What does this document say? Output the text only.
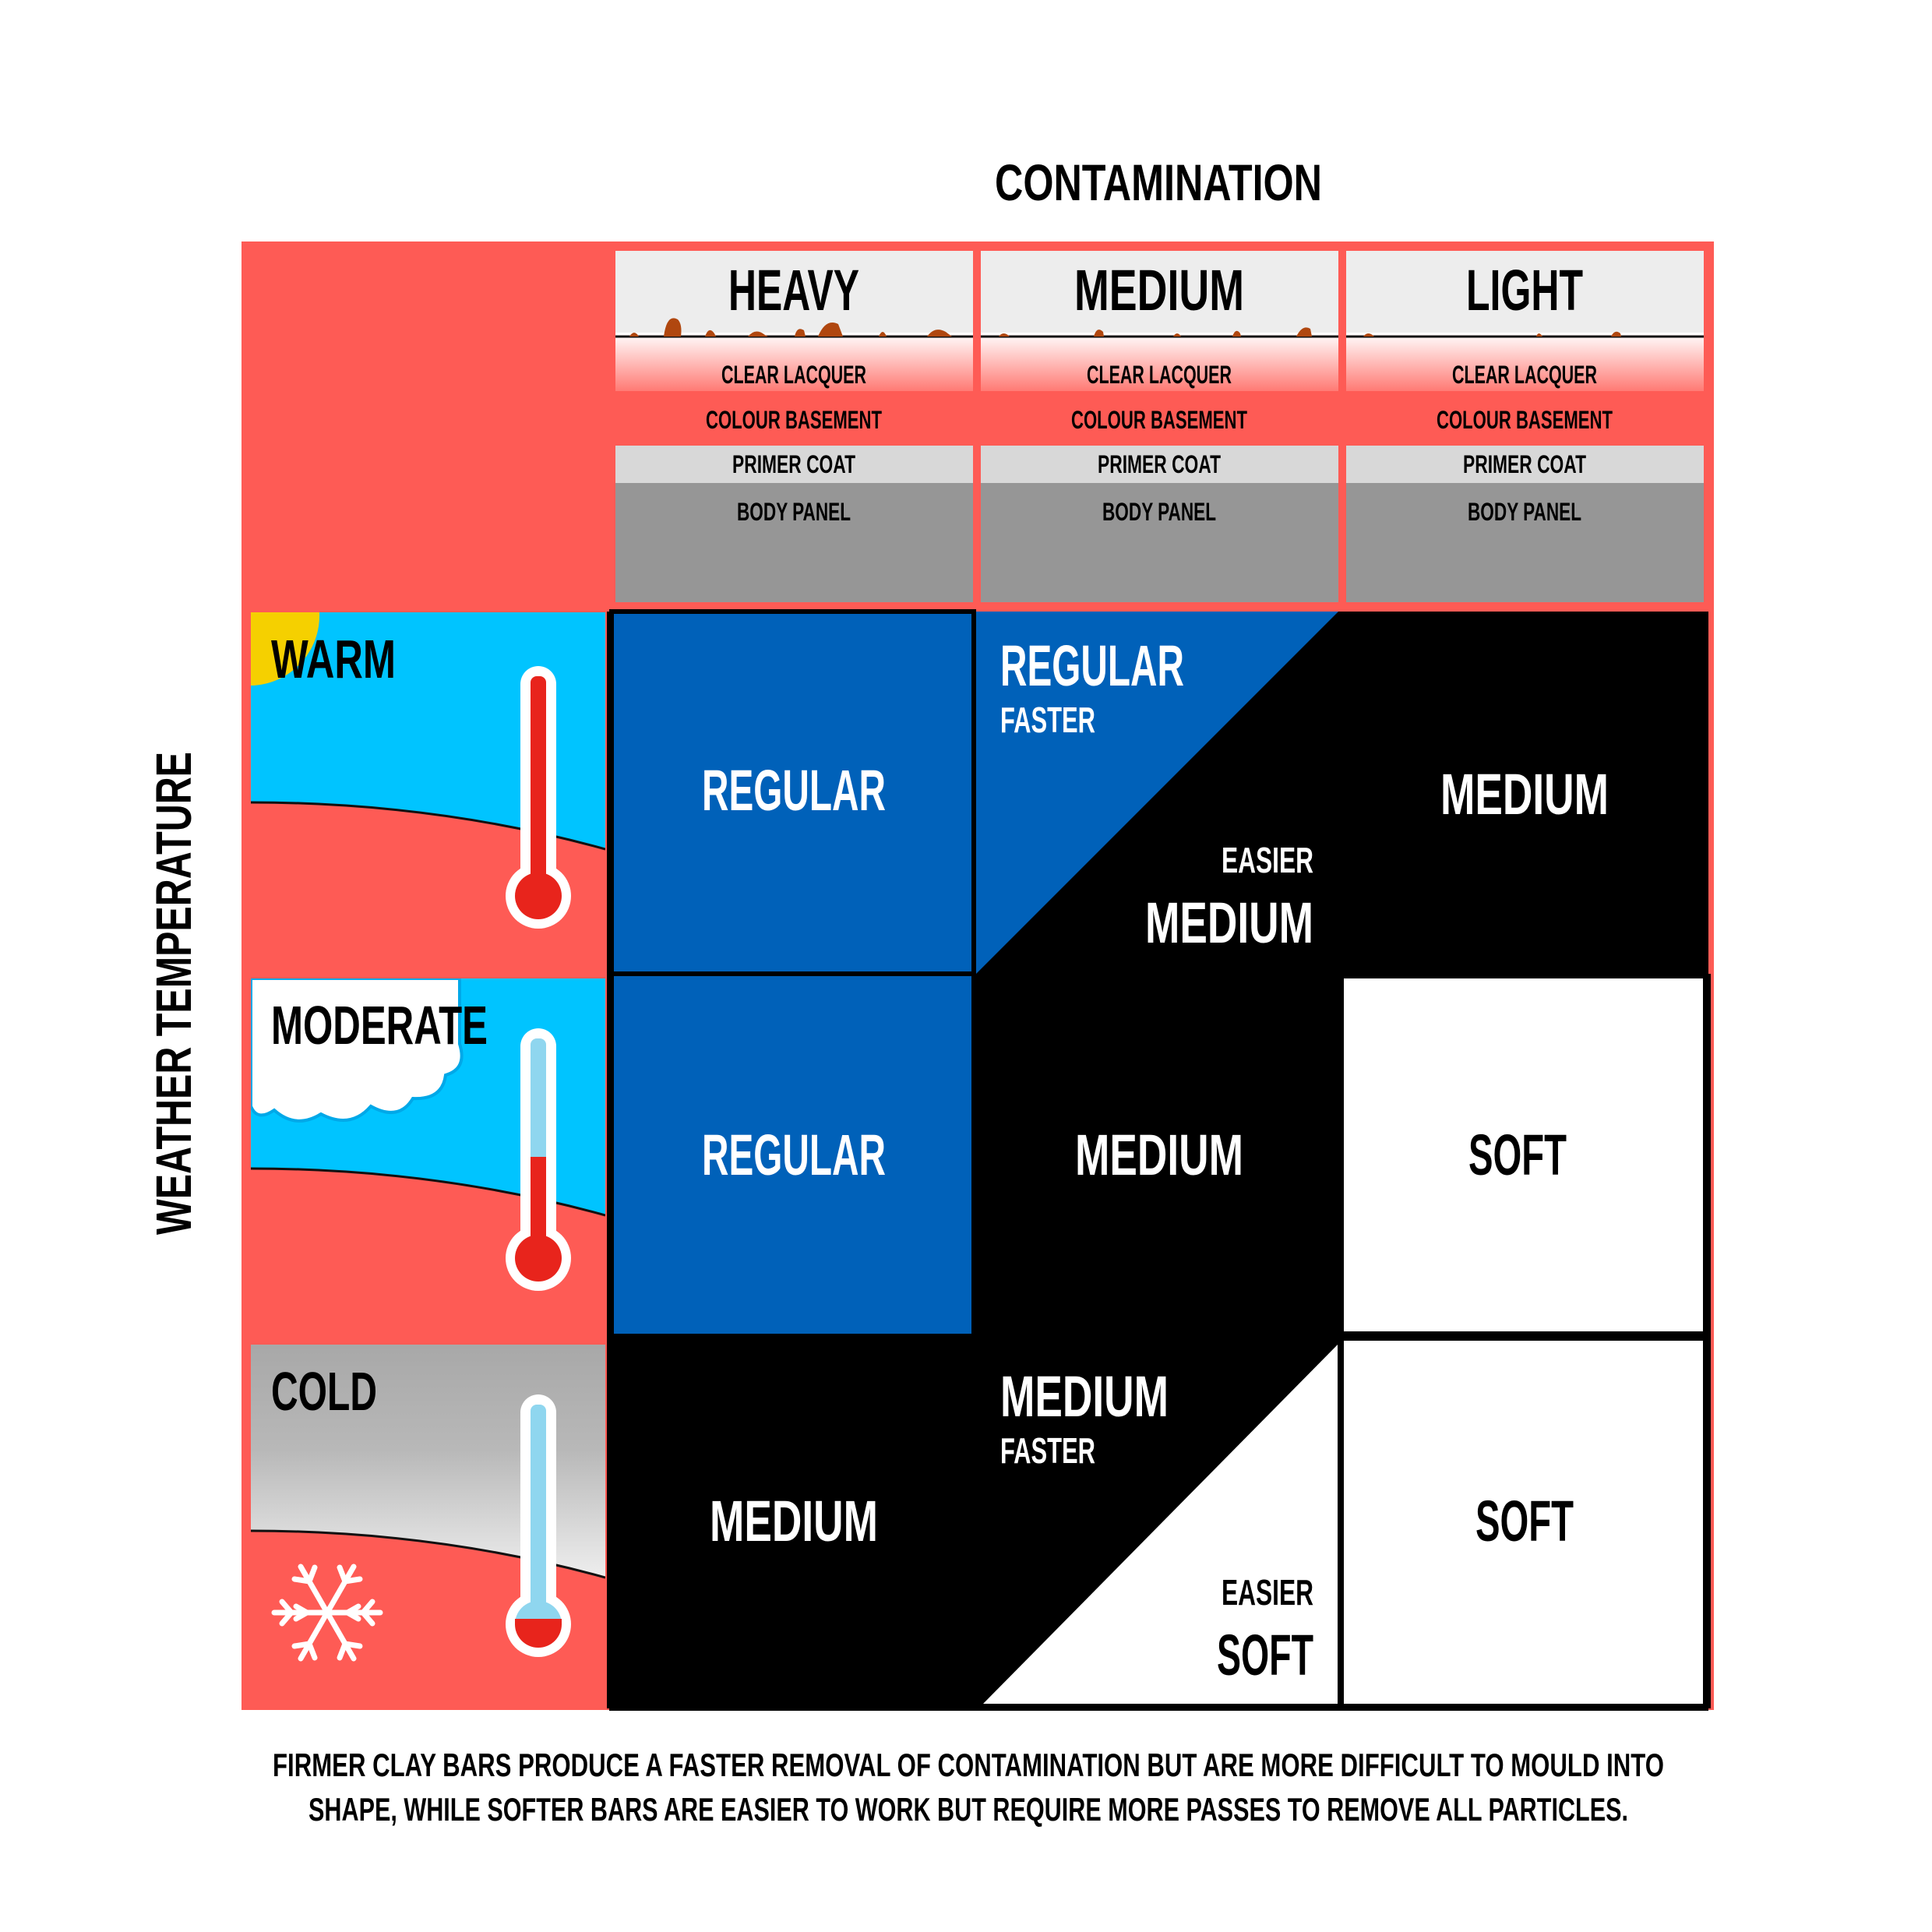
CONTAMINATION
WEATHER TEMPERATURE
HEAVY
CLEAR LACQUER
COLOUR BASEMENT
PRIMER COAT
BODY PANEL
MEDIUM
CLEAR LACQUER
COLOUR BASEMENT
PRIMER COAT
BODY PANEL
LIGHT
CLEAR LACQUER
COLOUR BASEMENT
PRIMER COAT
BODY PANEL
WARM
MODERATE
COLD
REGULAR
REGULAR
FASTER
EASIER
MEDIUM
MEDIUM
REGULAR	MEDIUM	SOFT
MEDIUM
MEDIUM
FASTER
EASIER
SOFT
SOFT
FIRMER CLAY BARS PRODUCE A FASTER REMOVAL OF CONTAMINATION BUT ARE MORE DIFFICULT TO MOULD INTO
SHAPE, WHILE SOFTER BARS ARE EASIER TO WORK BUT REQUIRE MORE PASSES TO REMOVE ALL PARTICLES.
